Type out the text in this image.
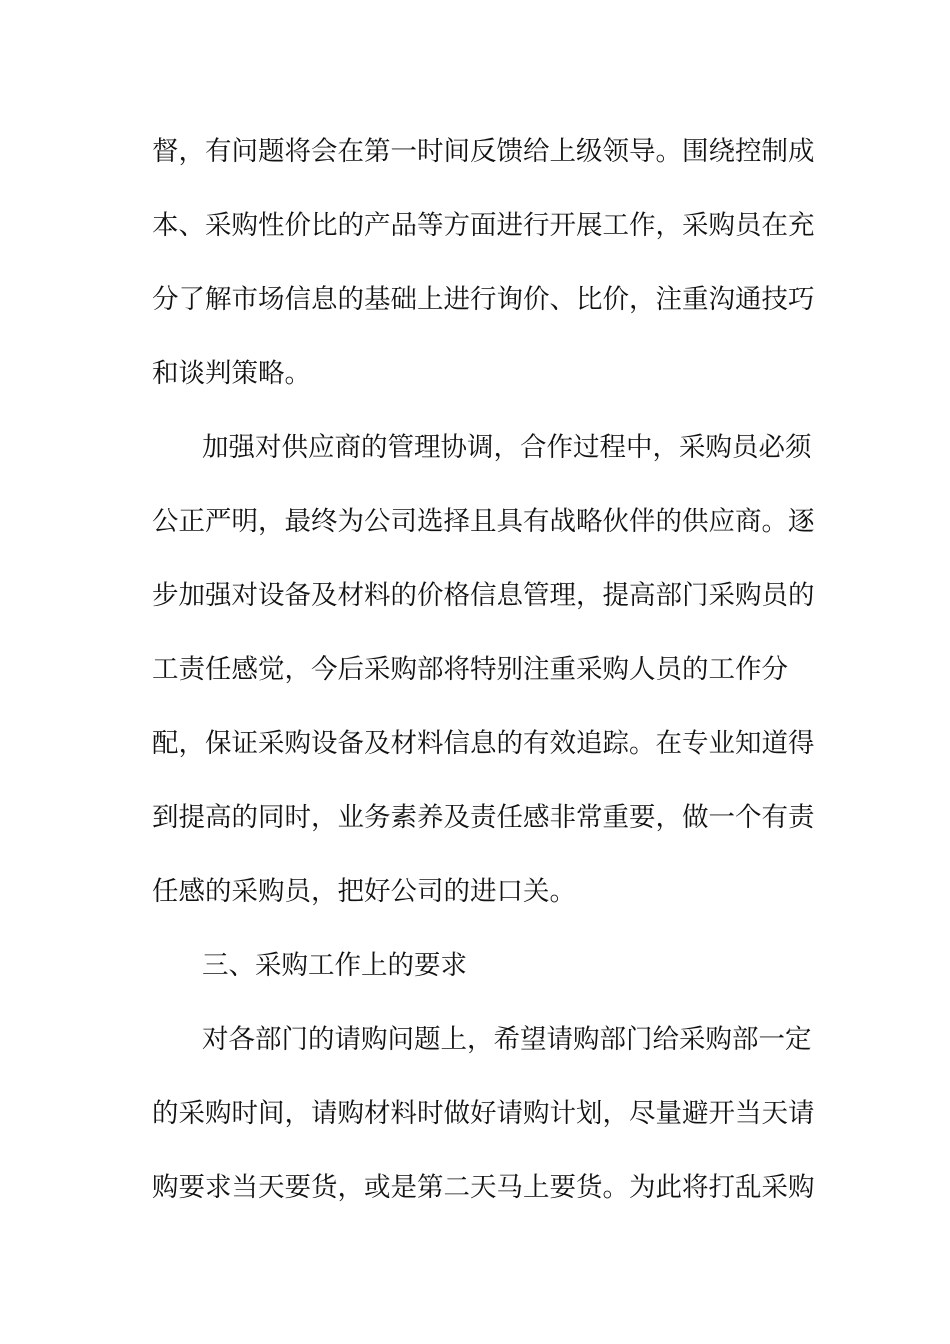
督，有问题将会在第一时间反馈给上级领导。围绕控制成
本、采购性价比的产品等方面进行开展工作，采购员在充
分了解市场信息的基础上进行询价、比价，注重沟通技巧
和谈判策略。
加强对供应商的管理协调，合作过程中，采购员必须
公正严明，最终为公司选择且具有战略伙伴的供应商。逐
步加强对设备及材料的价格信息管理，提高部门采购员的
工责任感觉，今后采购部将特别注重采购人员的工作分
配，保证采购设备及材料信息的有效追踪。在专业知道得
到提高的同时，业务素养及责任感非常重要，做一个有责
任感的采购员，把好公司的进口关。
三、采购工作上的要求
对各部门的请购问题上，希望请购部门给采购部一定
的采购时间，请购材料时做好请购计划，尽量避开当天请
购要求当天要货，或是第二天马上要货。为此将打乱采购
